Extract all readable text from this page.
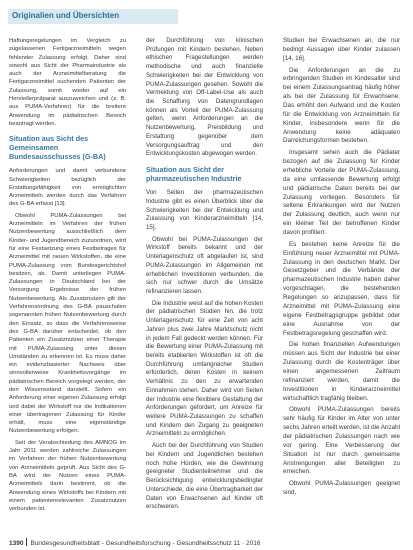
Originalien und Übersichten

Haftungsregelungen im Vergleich zu zugelassenen Fertigarzneimitteln wegen fehlender Zulassung erfolgt. Daher sind sowohl aus Sicht der Pharmaindustrie als auch der Arzneimittelberatung die Fertigarzneimittel suchenden Patienten der Zulassung, somit wieder auf ein Herstellerpräparat auszuweichen und (z. B. aus PUMA-Verfahren) für die breitere Anwendung im pädiatrischen Bereich beantragt werden.

Situation aus Sicht des Gemeinsamen Bundesausschusses (G-BA)

Anforderungen und damit verbundene Schwierigkeiten bezüglich der Erstattungsfähigkeit von ermöglichten Arzneimitteln werden durch das Verfahren des G-BA erfasst [13].

Obwohl PUMA-Zulassungen bei Arzneimitteln im Verfahren der frühen Nutzenbewertung ausschließlich dem Kinder- und Jugendbereich zuzuordnen, wird für eine Festsetzung eines Festbetrages für Arzneimittel mit neuen Wirkstoffen, die eine PUMA-Zulassung vom Bundesgerichtshof besitzen, ab. Damit unterliegen PUMA-Zulassungen in Deutschland bei der Versorgung Ergebnisse der frühen Nutzenbewertung. Als Zusatznutzen gilt der Verfahrensordnung des G-BA pauschalen sogenannten frühen Nutzenbewertung durch den Einsatz, so dass die Verfahrensweise des G-BA darüber entscheidet, ob den Patienten ein Zusatznutzen einer Therapie mit PUMA-Zulassung unter diesen Umständen zu erkennen ist. Es muss daher ein evidenzbasierter Nachweis über sinnvollerweise Krankheitsvorgänge im pädiatrischen Bereich vorgelegt werden, der den Wissensstand darstellt. Sofern ein Anforderung einer eigenen Zulassung erfolgt und dabei der Wirkstoff nur die Indikationen einer übertragenen Zulassung für Kinder erhält, muss eine eigenständige Nutzenbewertung erfolgen.

Seit der Verabschiedung des AMNOG im Jahr 2011 werden zahlreiche Zulassungen im Verfahren der frühen Nutzenbewertung von Arzneimitteln geprüft. Aus Sicht des G-BA wird der Nutzen eines PUMA-Arzneimittels darin bestimmt, ob die Anwendung eines Wirkstoffs bei Kindern mit einem patientenrelevanten Zusatznutzen verbunden ist.

der Durchführung von klinischen Prüfungen mit Kindern bestehen. Neben ethischen Fragestellungen werden methodische und auch finanzielle Schwierigkeiten bei der Entwicklung von PUMA-Zulassungen gesehen. Sowohl die Vermeidung von Off-Label-Use als auch die Schaffung von Datengrundlagen können als Vorteil der PUMA-Zulassung gelten, wenn Anforderungen an die Nutzenbewertung, Preisbildung und Erstattung gegenüber dem Versorgungsauftrag und den Entwicklungskosten abgewogen werden.

Situation aus Sicht der pharmazeutischen Industrie

Von Seiten der pharmazeutischen Industrie gibt es einen Überblick über die Schwierigkeiten bei der Entwicklung und Zulassung von Kinderarzneimitteln [14, 15].

Obwohl bei PUMA-Zulassungen der Wirkstoff bereits bekannt und der Unterlagenschutz oft abgelaufen ist, sind PUMA-Zulassungen im Allgemeinen mit erheblichen Investitionen verbunden, die sich nur schwer durch die Umsätze refinanzieren lassen.

Die Industrie weist auf die hohen Kosten der pädiatrischen Studien hin, die trotz Unterlagenschutz für eine Zeit von acht Jahren plus zwei Jahre Marktschutz nicht in jedem Fall gedeckt werden können. Für die Bewertung einer PUMA-Zulassung mit bereits etablierten Wirkstoffen ist oft die Durchführung umfangreicher Studien erforderlich, deren Kosten in keinem Verhältnis zu den zu erwartenden Einnahmen stehen. Daher wird von Seiten der Industrie eine flexiblere Gestaltung der Anforderungen gefordert, um Anreize für weitere PUMA-Zulassungen zu schaffen und Kindern den Zugang zu geeigneten Arzneimitteln zu ermöglichen.

Auch bei der Durchführung von Studien bei Kindern und Jugendlichen bestehen noch hohe Hürden, wie die Gewinnung geeigneter Studienteilnehmer und die Berücksichtigung entwicklungsbedingter Unterschiede, die eine Übertragbarkeit der Daten von Erwachsenen auf Kinder oft erschweren.

Studien bei Erwachsenen an, die nur bedingt Aussagen über Kinder zulassen [14, 16].

Die Anforderungen an die zu erbringenden Studien im Kindesalter sind bei einem Zulassungsantrag häufig höher als bei der Zulassung für Erwachsene. Das erhöht den Aufwand und die Kosten für die Entwicklung von Arzneimitteln für Kinder, insbesondere wenn für die Anwendung keine adäquaten Darreichungsformen bestehen.

Insgesamt sehen auch die Pädiater bezogen auf die Zulassung für Kinder erhebliche Vorteile der PUMA-Zulassung, da eine umfassende Bewertung erfolgt und pädiatrische Daten bereits bei der Zulassung vorliegen. Besonders für seltene Erkrankungen wird der Nutzen der Zulassung deutlich, auch wenn nur ein kleiner Teil der betroffenen Kinder davon profitiert.

Es bestehen keine Anreize für die Einführung neuer Arzneimittel mit PUMA-Zulassung in den deutschen Markt. Der Gesetzgeber und die Verbände der pharmazeutischen Industrie haben daher vorgeschlagen, die bestehenden Regelungen so anzupassen, dass für Arzneimittel mit PUMA-Zulassung eine eigene Festbetragsgruppe gebildet oder eine Ausnahme von der Festbetragsregelung geschaffen wird.

Die hohen finanziellen Aufwendungen müssen aus Sicht der Industrie bei einer Zulassung durch die Kostenträger über einen angemessenen Zeitraum refinanziert werden, damit die Investitionen in Kinderarzneimittel wirtschaftlich tragfähig bleiben.

Obwohl PUMA-Zulassungen bereits sehr häufig für Kinder im Alter von unter sechs Jahren erteilt werden, ist die Anzahl der pädiatrischen Zulassungen nach wie vor gering. Eine Verbesserung der Situation ist nur durch gemeinsame Anstrengungen aller Beteiligten zu erreichen.

Obwohl PUMA-Zulassungen geeignet sind,

1390 Bundesgesundheitsblatt - Gesundheitsforschung - Gesundheitsschutz 11 · 2016
